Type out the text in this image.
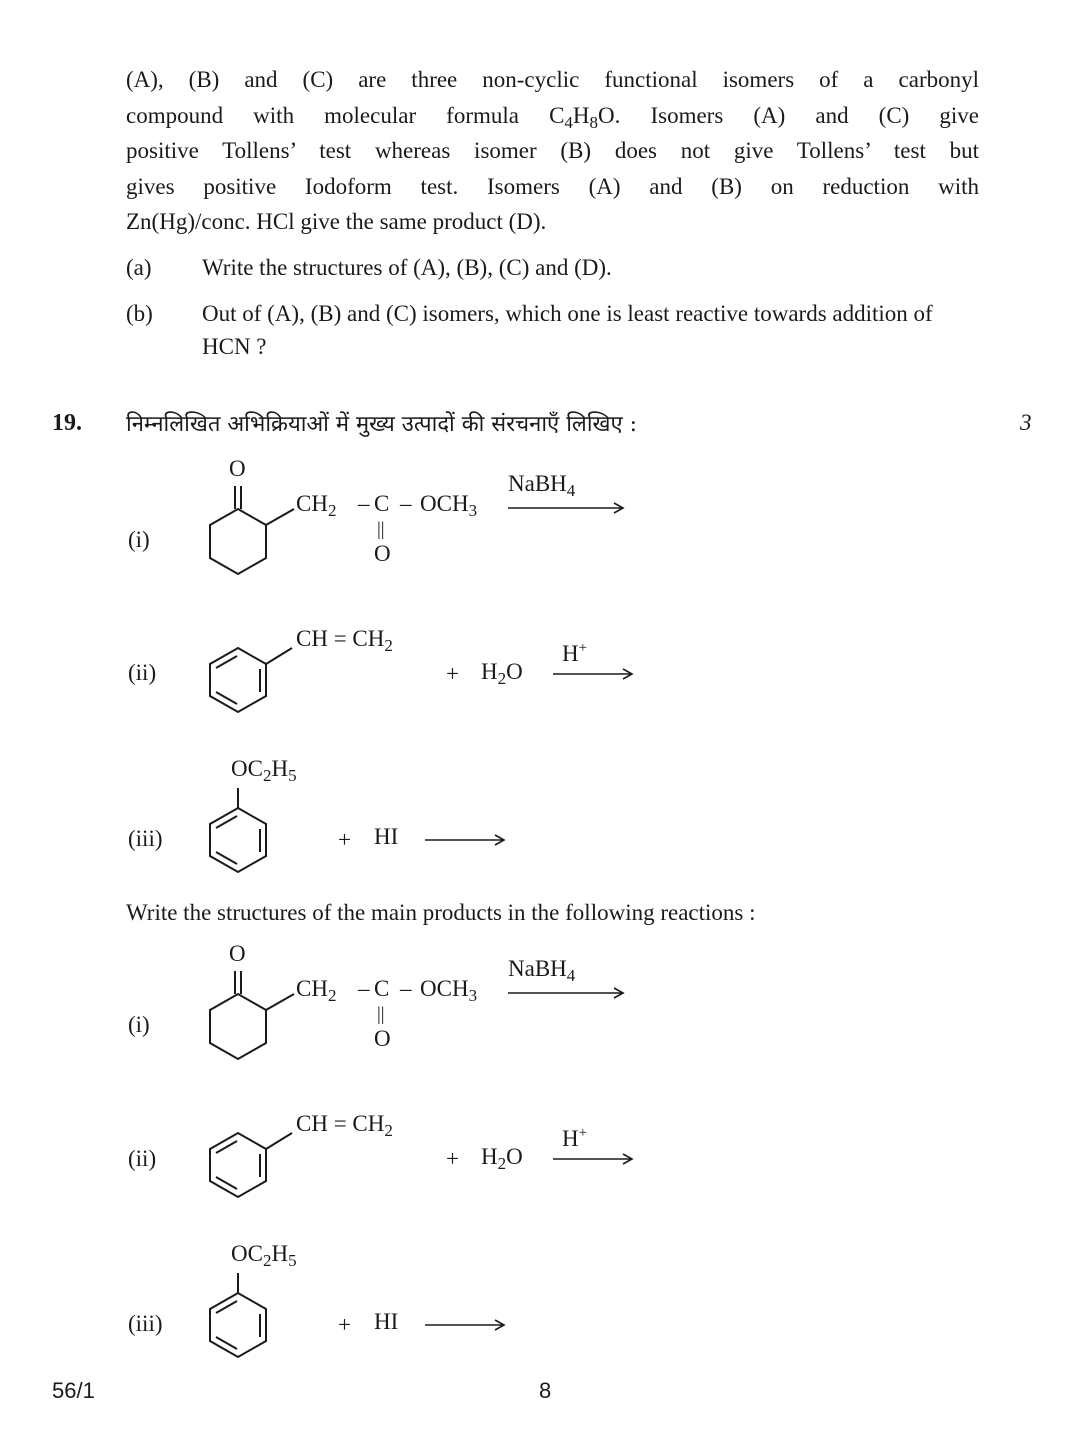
(A), (B) and (C) are three non-cyclic functional isomers of a carbonyl
compound with molecular formula $C_4H_8O$. Isomers (A) and (C) give
positive Tollens’ test whereas isomer (B) does not give Tollens’ test but
gives positive Iodoform test. Isomers (A) and (B) on reduction with
Zn(Hg)/conc. HCl give the same product (D).
(a) Write the structures of (A), (B), (C) and (D).
(b) Out of (A), (B) and (C) isomers, which one is least reactive towards addition of HCN ?
19. निम्नलिखित अभिक्रियाओं में मुख्य उत्पादों की संरचनाएँ लिखिए :	3
(i)
O
$CH_2$ – C – $OCH_3$
||
O
NaBH$_4$
(ii)
CH = $CH_2$
+ $H_2O$
H+
(iii)
$OC_2H_5$
+ HI
Write the structures of the main products in the following reactions :
(i)
O
$CH_2$ – C – $OCH_3$
||
O
NaBH$_4$
(ii)
CH = $CH_2$
+ $H_2O$
H+
(iii)
$OC_2H_5$
+ HI
56/1	8
